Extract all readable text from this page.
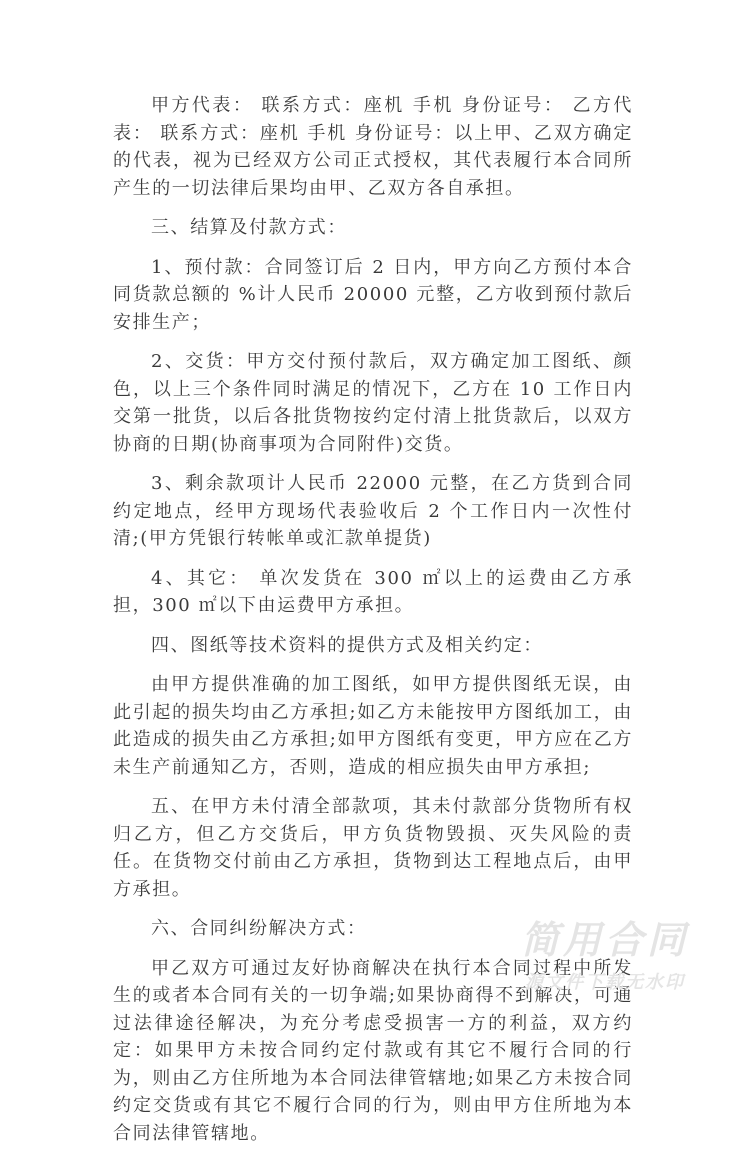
甲方代表： 联系方式：座机 手机 身份证号： 乙方代表： 联系方式：座机 手机 身份证号：以上甲、乙双方确定的代表，视为已经双方公司正式授权，其代表履行本合同所产生的一切法律后果均由甲、乙双方各自承担。

三、结算及付款方式：

1、预付款：合同签订后 2 日内，甲方向乙方预付本合同货款总额的 %计人民币 20000 元整，乙方收到预付款后安排生产；

2、交货：甲方交付预付款后，双方确定加工图纸、颜色，以上三个条件同时满足的情况下，乙方在 10 工作日内交第一批货，以后各批货物按约定付清上批货款后，以双方协商的日期(协商事项为合同附件)交货。

3、剩余款项计人民币 22000 元整，在乙方货到合同约定地点，经甲方现场代表验收后 2 个工作日内一次性付清;(甲方凭银行转帐单或汇款单提货)

4、其它： 单次发货在 300 ㎡以上的运费由乙方承担，300 ㎡以下由运费甲方承担。

四、图纸等技术资料的提供方式及相关约定：

由甲方提供准确的加工图纸，如甲方提供图纸无误，由此引起的损失均由乙方承担;如乙方未能按甲方图纸加工，由此造成的损失由乙方承担;如甲方图纸有变更，甲方应在乙方未生产前通知乙方，否则，造成的相应损失由甲方承担;

五、在甲方未付清全部款项，其未付款部分货物所有权归乙方，但乙方交货后，甲方负货物毁损、灭失风险的责任。在货物交付前由乙方承担，货物到达工程地点后，由甲方承担。

六、合同纠纷解决方式：

甲乙双方可通过友好协商解决在执行本合同过程中所发生的或者本合同有关的一切争端;如果协商得不到解决，可通过法律途径解决，为充分考虑受损害一方的利益，双方约定：如果甲方未按合同约定付款或有其它不履行合同的行为，则由乙方住所地为本合同法律管辖地;如果乙方未按合同约定交货或有其它不履行合同的行为，则由甲方住所地为本合同法律管辖地。

简用合同
源文件下载无水印
